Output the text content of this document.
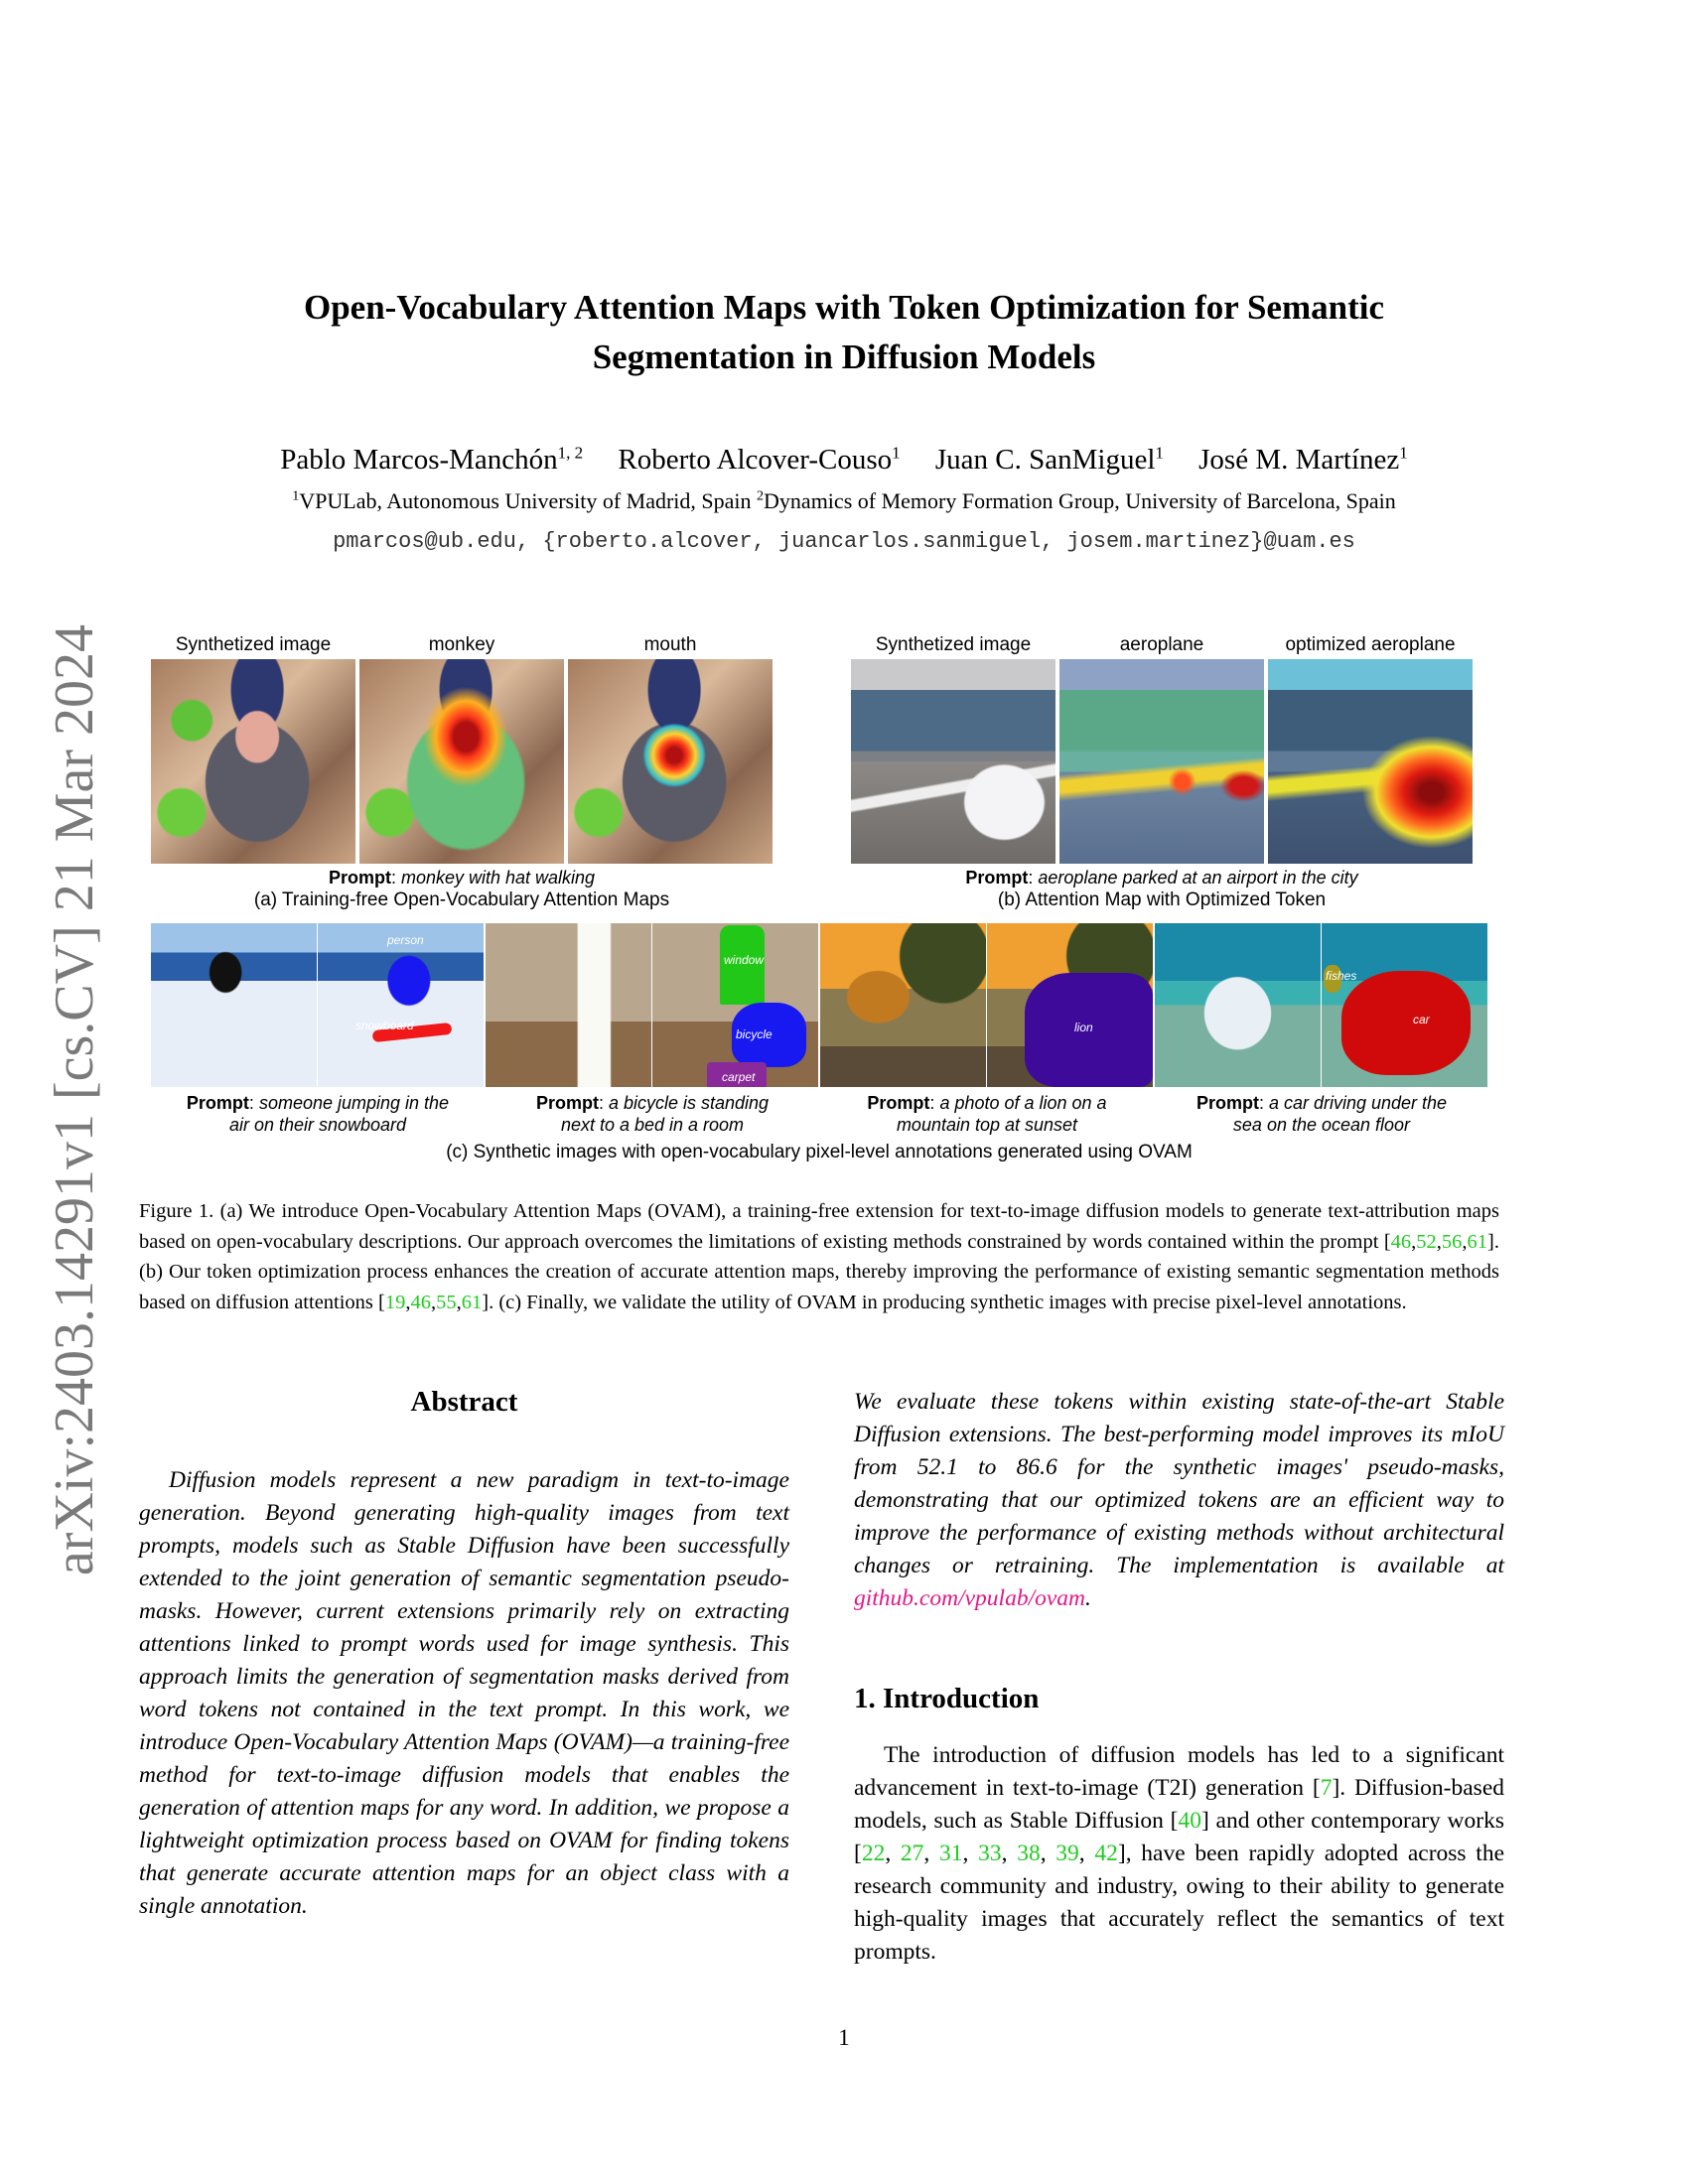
arXiv:2403.14291v1 [cs.CV] 21 Mar 2024
Open-Vocabulary Attention Maps with Token Optimization for Semantic
Segmentation in Diffusion Models
Pablo Marcos-Manchón$^{1, 2}$ Roberto Alcover-Couso$^1$ Juan C. SanMiguel$^1$ José M. Martínez$^1$
$^1$VPULab, Autonomous University of Madrid, Spain $^2$Dynamics of Memory Formation Group, University of Barcelona, Spain
pmarcos@ub.edu, {roberto.alcover, juancarlos.sanmiguel, josem.martinez}@uam.es
Synthetized image	monkey	mouth
Prompt: monkey with hat walking
(a) Training-free Open-Vocabulary Attention Maps
Synthetized image	aeroplane	optimized aeroplane
Prompt: aeroplane parked at an airport in the city
(b) Attention Map with Optimized Token
person
snowboard
window
bicycle
carpet
lion
fishes
car
Prompt: someone jumping in the
air on their snowboard
Prompt: a bicycle is standing
next to a bed in a room
Prompt: a photo of a lion on a
mountain top at sunset
Prompt: a car driving under the
sea on the ocean floor
(c) Synthetic images with open-vocabulary pixel-level annotations generated using OVAM
Figure 1. (a) We introduce Open-Vocabulary Attention Maps (OVAM), a training-free extension for text-to-image diffusion models to generate text-attribution maps based on open-vocabulary descriptions. Our approach overcomes the limitations of existing methods constrained by words contained within the prompt [46,52,56,61]. (b) Our token optimization process enhances the creation of accurate attention maps, thereby improving the performance of existing semantic segmentation methods based on diffusion attentions [19,46,55,61]. (c) Finally, we validate the utility of OVAM in producing synthetic images with precise pixel-level annotations.
Abstract
Diffusion models represent a new paradigm in text-to-image generation. Beyond generating high-quality images from text prompts, models such as Stable Diffusion have been successfully extended to the joint generation of semantic segmentation pseudo-masks. However, current extensions primarily rely on extracting attentions linked to prompt words used for image synthesis. This approach limits the generation of segmentation masks derived from word tokens not contained in the text prompt. In this work, we introduce Open-Vocabulary Attention Maps (OVAM)—a training-free method for text-to-image diffusion models that enables the generation of attention maps for any word. In addition, we propose a lightweight optimization process based on OVAM for finding tokens that generate accurate attention maps for an object class with a single annotation.
We evaluate these tokens within existing state-of-the-art Stable Diffusion extensions. The best-performing model improves its mIoU from 52.1 to 86.6 for the synthetic images' pseudo-masks, demonstrating that our optimized tokens are an efficient way to improve the performance of existing methods without architectural changes or retraining. The implementation is available at github.com/vpulab/ovam.
1. Introduction
The introduction of diffusion models has led to a significant advancement in text-to-image (T2I) generation [7]. Diffusion-based models, such as Stable Diffusion [40] and other contemporary works [22, 27, 31, 33, 38, 39, 42], have been rapidly adopted across the research community and industry, owing to their ability to generate high-quality images that accurately reflect the semantics of text prompts.
1
